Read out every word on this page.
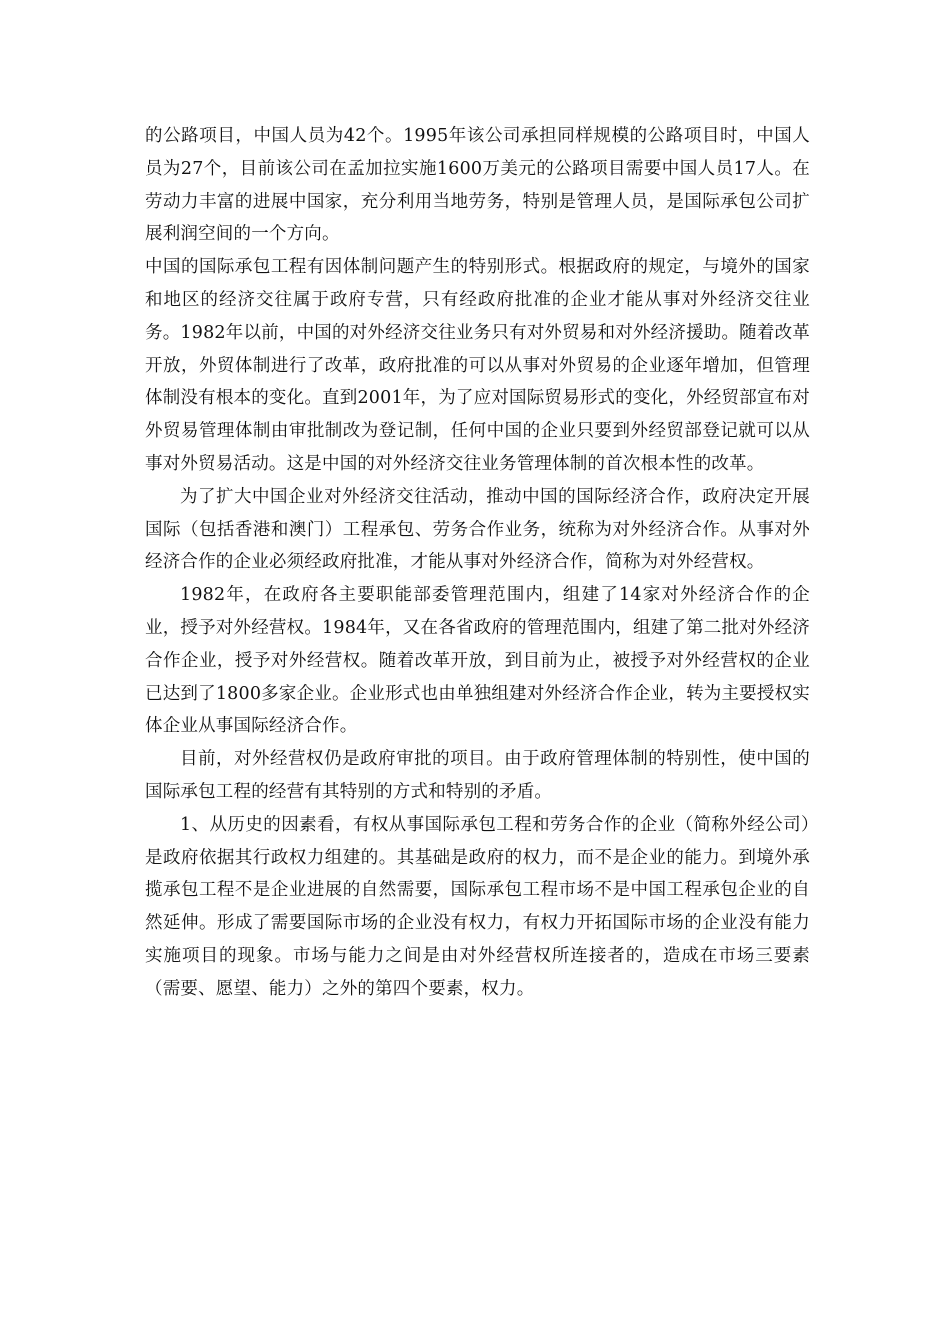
的公路项目，中国人员为42个。1995年该公司承担同样规模的公路项目时，中国人员为27个，目前该公司在孟加拉实施1600万美元的公路项目需要中国人员17人。在劳动力丰富的进展中国家，充分利用当地劳务，特别是管理人员，是国际承包公司扩展利润空间的一个方向。

中国的国际承包工程有因体制问题产生的特别形式。根据政府的规定，与境外的国家和地区的经济交往属于政府专营，只有经政府批准的企业才能从事对外经济交往业务。1982年以前，中国的对外经济交往业务只有对外贸易和对外经济援助。随着改革开放，外贸体制进行了改革，政府批准的可以从事对外贸易的企业逐年增加，但管理体制没有根本的变化。直到2001年，为了应对国际贸易形式的变化，外经贸部宣布对外贸易管理体制由审批制改为登记制，任何中国的企业只要到外经贸部登记就可以从事对外贸易活动。这是中国的对外经济交往业务管理体制的首次根本性的改革。

为了扩大中国企业对外经济交往活动，推动中国的国际经济合作，政府决定开展国际（包括香港和澳门）工程承包、劳务合作业务，统称为对外经济合作。从事对外经济合作的企业必须经政府批准，才能从事对外经济合作，简称为对外经营权。

1982年，在政府各主要职能部委管理范围内，组建了14家对外经济合作的企业，授予对外经营权。1984年，又在各省政府的管理范围内，组建了第二批对外经济合作企业，授予对外经营权。随着改革开放，到目前为止，被授予对外经营权的企业已达到了1800多家企业。企业形式也由单独组建对外经济合作企业，转为主要授权实体企业从事国际经济合作。

目前，对外经营权仍是政府审批的项目。由于政府管理体制的特别性，使中国的国际承包工程的经营有其特别的方式和特别的矛盾。

1、从历史的因素看，有权从事国际承包工程和劳务合作的企业（简称外经公司）是政府依据其行政权力组建的。其基础是政府的权力，而不是企业的能力。到境外承揽承包工程不是企业进展的自然需要，国际承包工程市场不是中国工程承包企业的自然延伸。形成了需要国际市场的企业没有权力，有权力开拓国际市场的企业没有能力实施项目的现象。市场与能力之间是由对外经营权所连接者的，造成在市场三要素（需要、愿望、能力）之外的第四个要素，权力。
